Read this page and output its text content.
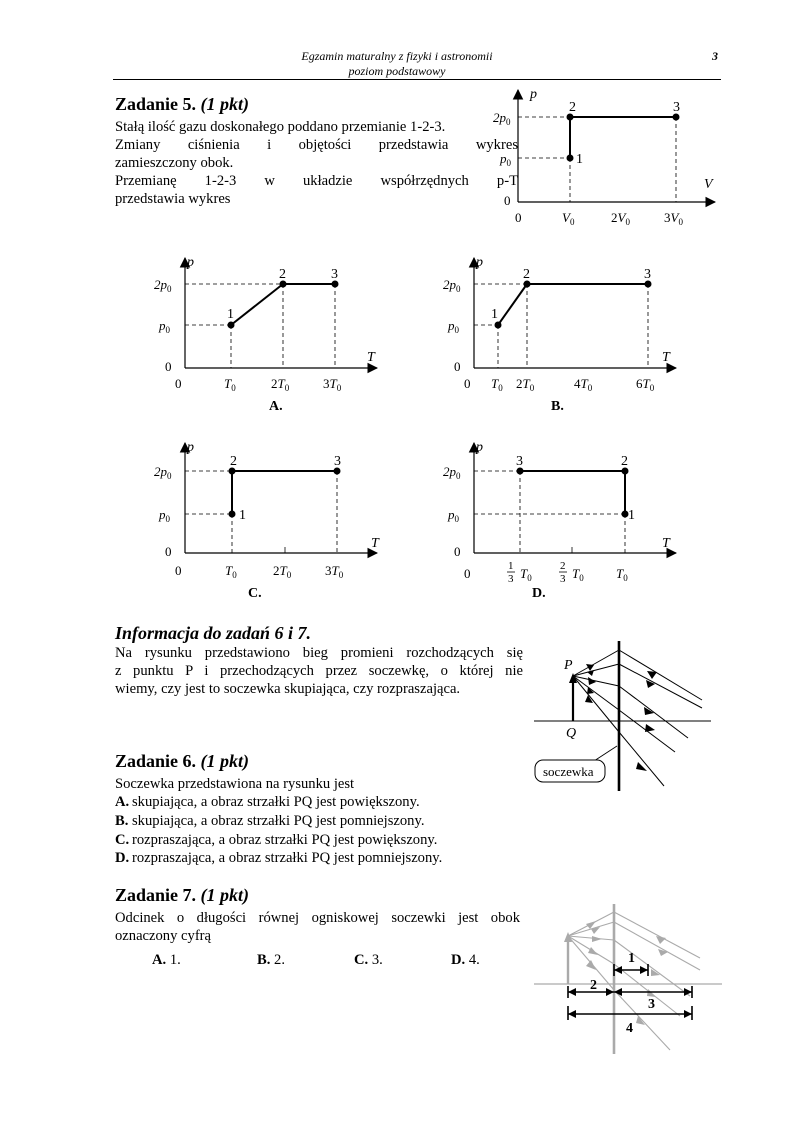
Egzamin maturalny z fizyki i astronomii
poziom podstawowy
3
Zadanie 5. (1 pkt)
Stałą ilość gazu doskonałego poddano przemianie 1-2-3.
Zmiany ciśnienia i objętości przedstawia wykres
zamieszczony obok.
Przemianę 1-2-3 w układzie współrzędnych p-T
przedstawia wykres
p
V
$2p_0$
$p_0$
0
0	$V_0$	$2V_0$	$3V_0$
1
2	3
p
T
$2p_0$
$p_0$
0
0	$T_0$	$2T_0$	$3T_0$
1
2	3
A.
p
T
$2p_0$
$p_0$
0
0 $T_0$ $2T_0$	$4T_0$	$6T_0$
1
2	3
B.
p
T
$2p_0$
$p_0$
0
0	$T_0$	$2T_0$	$3T_0$
1
2	3
C.
p
T
$2p_0$
$p_0$
0
0	1
3 $T_0$
2
3 $T_0$ $T_0$
1
2
3
D.
Informacja do zadań 6 i 7.
Na rysunku przedstawiono bieg promieni rozchodzących się
z punktu P i przechodzących przez soczewkę, o której nie
wiemy, czy jest to soczewka skupiająca, czy rozpraszająca.
P
Q
soczewka
Zadanie 6. (1 pkt)
Soczewka przedstawiona na rysunku jest
A. skupiająca, a obraz strzałki PQ jest powiększony.
B. skupiająca, a obraz strzałki PQ jest pomniejszony.
C. rozpraszająca, a obraz strzałki PQ jest powiększony.
D. rozpraszająca, a obraz strzałki PQ jest pomniejszony.
Zadanie 7. (1 pkt)
Odcinek o długości równej ogniskowej soczewki jest obok
oznaczony cyfrą
A. 1.	B. 2.	C. 3.	D. 4.	1
2
3
4
